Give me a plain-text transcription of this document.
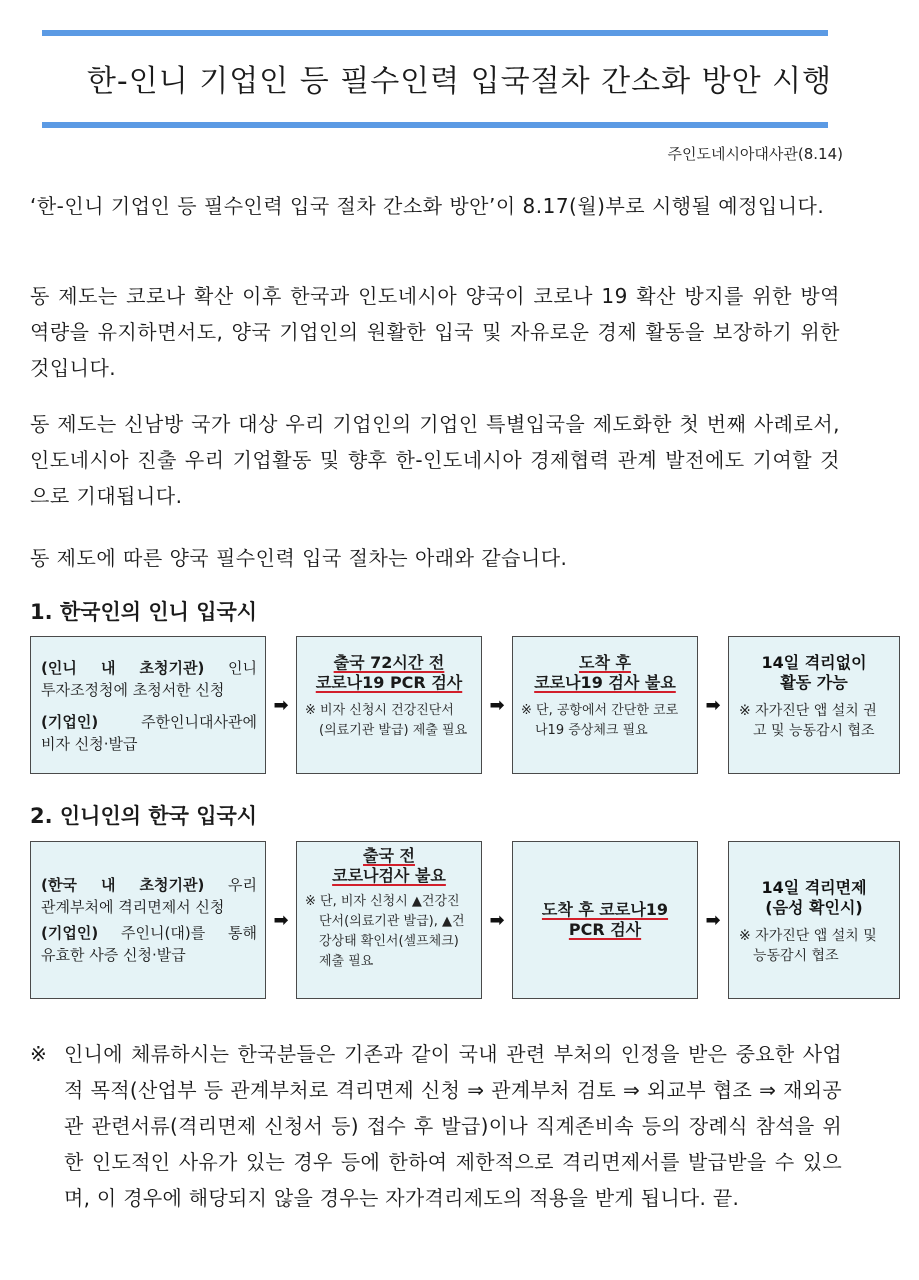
한-인니 기업인 등 필수인력 입국절차 간소화 방안 시행
주인도네시아대사관(8.14)
‘한-인니 기업인 등 필수인력 입국 절차 간소화 방안’이 8.17(월)부로 시행될 예정입니다.
동 제도는 코로나 확산 이후 한국과 인도네시아 양국이 코로나 19 확산 방지를 위한 방역 역량을 유지하면서도, 양국 기업인의 원활한 입국 및 자유로운 경제 활동을 보장하기 위한 것입니다.
동 제도는 신남방 국가 대상 우리 기업인의 기업인 특별입국을 제도화한 첫 번째 사례로서, 인도네시아 진출 우리 기업활동 및 향후 한-인도네시아 경제협력 관계 발전에도 기여할 것으로 기대됩니다.
동 제도에 따른 양국 필수인력 입국 절차는 아래와 같습니다.
1. 한국인의 인니 입국시
(인니 내 초청기관) 인니
투자조정청에 초청서한 신청
(기업인) 주한인니대사관에
비자 신청·발급
➡
출국 72시간 전
코로나19 PCR 검사
※ 비자 신청시 건강진단서(의료기관 발급) 제출 필요
➡
도착 후
코로나19 검사 불요
※ 단, 공항에서 간단한 코로나19 증상체크 필요
➡
14일 격리없이
활동 가능
※ 자가진단 앱 설치 권고 및 능동감시 협조
2. 인니인의 한국 입국시
(한국 내 초청기관) 우리
관계부처에 격리면제서 신청
(기업인) 주인니(대)를 통해
유효한 사증 신청·발급
➡
출국 전
코로나검사 불요
※ 단, 비자 신청시 ▲건강진단서(의료기관 발급), ▲건강상태 확인서(셀프체크) 제출 필요
➡	도착 후 코로나19
PCR 검사	➡
14일 격리면제
(음성 확인시)
※ 자가진단 앱 설치 및 능동감시 협조
※ 인니에 체류하시는 한국분들은 기존과 같이 국내 관련 부처의 인정을 받은 중요한 사업적 목적(산업부 등 관계부처로 격리면제 신청 ⇒ 관계부처 검토 ⇒ 외교부 협조 ⇒ 재외공관 관련서류(격리면제 신청서 등) 접수 후 발급)이나 직계존비속 등의 장례식 참석을 위한 인도적인 사유가 있는 경우 등에 한하여 제한적으로 격리면제서를 발급받을 수 있으며, 이 경우에 해당되지 않을 경우는 자가격리제도의 적용을 받게 됩니다. 끝.
